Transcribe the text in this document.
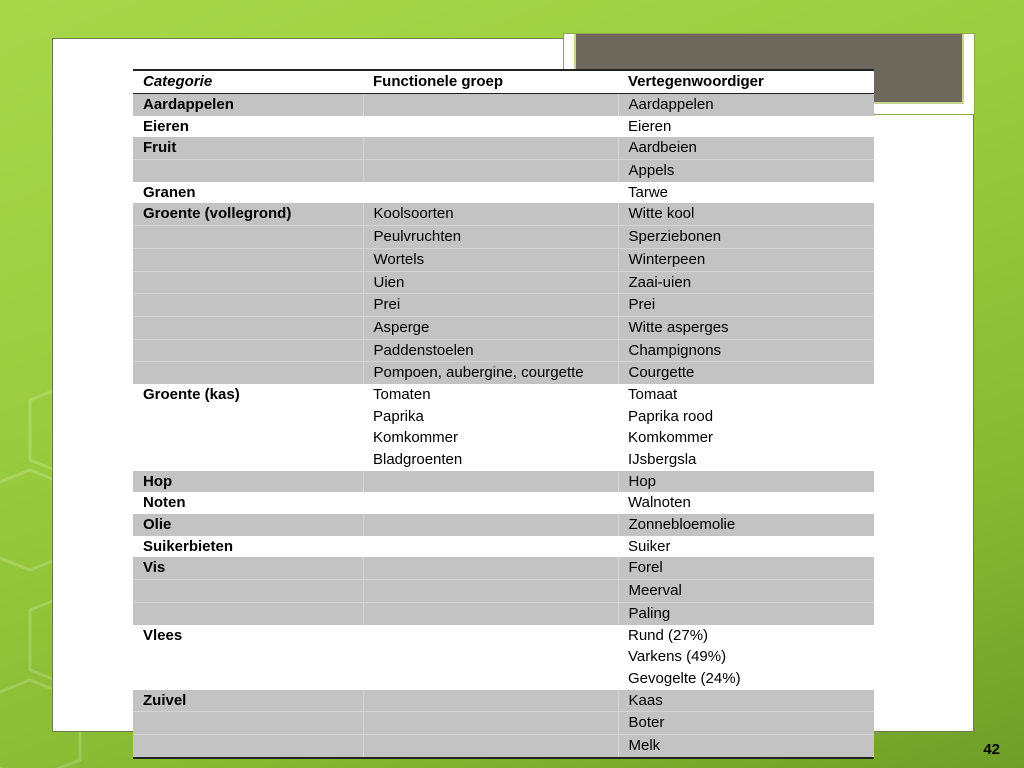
Categorie	Functionele groep	Vertegenwoordiger
Aardappelen		Aardappelen
Eieren		Eieren
Fruit		Aardbeien
		Appels
Granen		Tarwe
Groente (vollegrond)	Koolsoorten	Witte kool
	Peulvruchten	Sperziebonen
	Wortels	Winterpeen
	Uien	Zaai-uien
	Prei	Prei
	Asperge	Witte asperges
	Paddenstoelen	Champignons
	Pompoen, aubergine, courgette	Courgette
Groente (kas)	Tomaten	Tomaat
	Paprika	Paprika rood
	Komkommer	Komkommer
	Bladgroenten	IJsbergsla
Hop		Hop
Noten		Walnoten
Olie		Zonnebloemolie
Suikerbieten		Suiker
Vis		Forel
		Meerval
		Paling
Vlees		Rund (27%)
		Varkens (49%)
		Gevogelte (24%)
Zuivel		Kaas
		Boter
		Melk	42
